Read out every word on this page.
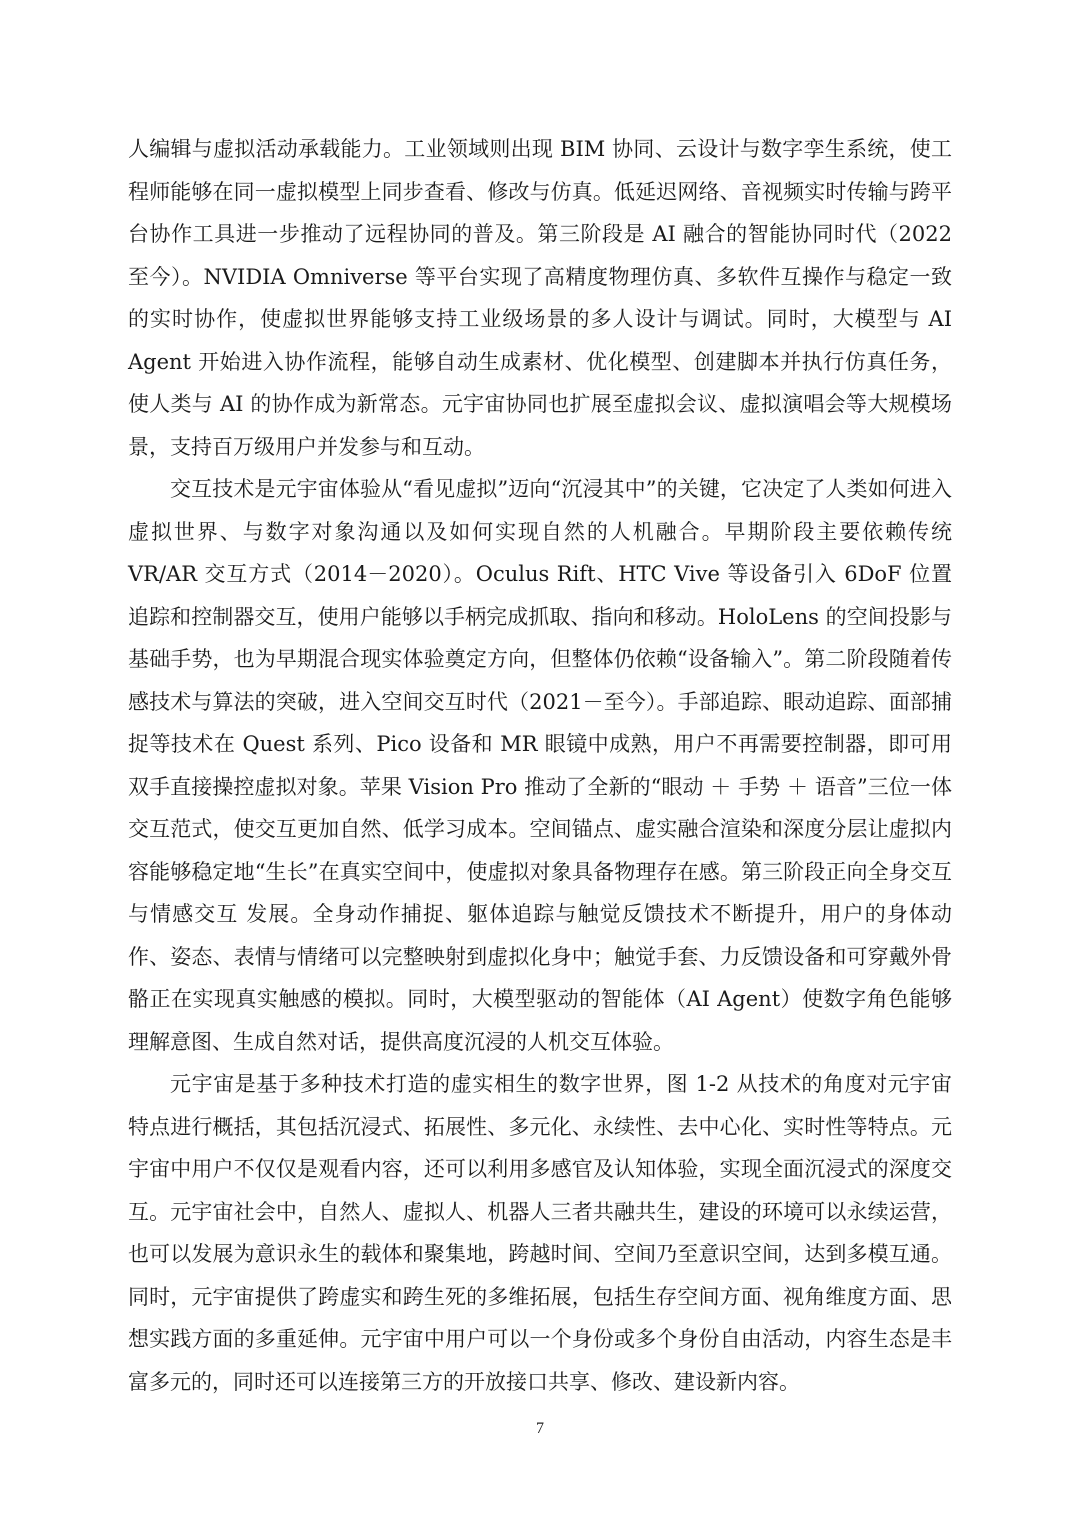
人编辑与虚拟活动承载能力。工业领域则出现 BIM 协同、云设计与数字孪生系统，使工程师能够在同一虚拟模型上同步查看、修改与仿真。低延迟网络、音视频实时传输与跨平台协作工具进一步推动了远程协同的普及。第三阶段是 AI 融合的智能协同时代（2022 至今）。NVIDIA Omniverse 等平台实现了高精度物理仿真、多软件互操作与稳定一致的实时协作，使虚拟世界能够支持工业级场景的多人设计与调试。同时，大模型与 AI Agent 开始进入协作流程，能够自动生成素材、优化模型、创建脚本并执行仿真任务，使人类与 AI 的协作成为新常态。元宇宙协同也扩展至虚拟会议、虚拟演唱会等大规模场景，支持百万级用户并发参与和互动。

交互技术是元宇宙体验从“看见虚拟”迈向“沉浸其中”的关键，它决定了人类如何进入虚拟世界、与数字对象沟通以及如何实现自然的人机融合。早期阶段主要依赖传统 VR/AR 交互方式（2014－2020）。Oculus Rift、HTC Vive 等设备引入 6DoF 位置追踪和控制器交互，使用户能够以手柄完成抓取、指向和移动。HoloLens 的空间投影与基础手势，也为早期混合现实体验奠定方向，但整体仍依赖“设备输入”。第二阶段随着传感技术与算法的突破，进入空间交互时代（2021－至今）。手部追踪、眼动追踪、面部捕捉等技术在 Quest 系列、Pico 设备和 MR 眼镜中成熟，用户不再需要控制器，即可用双手直接操控虚拟对象。苹果 Vision Pro 推动了全新的“眼动 ＋ 手势 ＋ 语音”三位一体交互范式，使交互更加自然、低学习成本。空间锚点、虚实融合渲染和深度分层让虚拟内容能够稳定地“生长”在真实空间中，使虚拟对象具备物理存在感。第三阶段正向全身交互与情感交互 发展。全身动作捕捉、躯体追踪与触觉反馈技术不断提升，用户的身体动作、姿态、表情与情绪可以完整映射到虚拟化身中；触觉手套、力反馈设备和可穿戴外骨骼正在实现真实触感的模拟。同时，大模型驱动的智能体（AI Agent）使数字角色能够理解意图、生成自然对话，提供高度沉浸的人机交互体验。

元宇宙是基于多种技术打造的虚实相生的数字世界，图 1-2 从技术的角度对元宇宙特点进行概括，其包括沉浸式、拓展性、多元化、永续性、去中心化、实时性等特点。元宇宙中用户不仅仅是观看内容，还可以利用多感官及认知体验，实现全面沉浸式的深度交互。元宇宙社会中，自然人、虚拟人、机器人三者共融共生，建设的环境可以永续运营，也可以发展为意识永生的载体和聚集地，跨越时间、空间乃至意识空间，达到多模互通。同时，元宇宙提供了跨虚实和跨生死的多维拓展，包括生存空间方面、视角维度方面、思想实践方面的多重延伸。元宇宙中用户可以一个身份或多个身份自由活动，内容生态是丰富多元的，同时还可以连接第三方的开放接口共享、修改、建设新内容。

7
